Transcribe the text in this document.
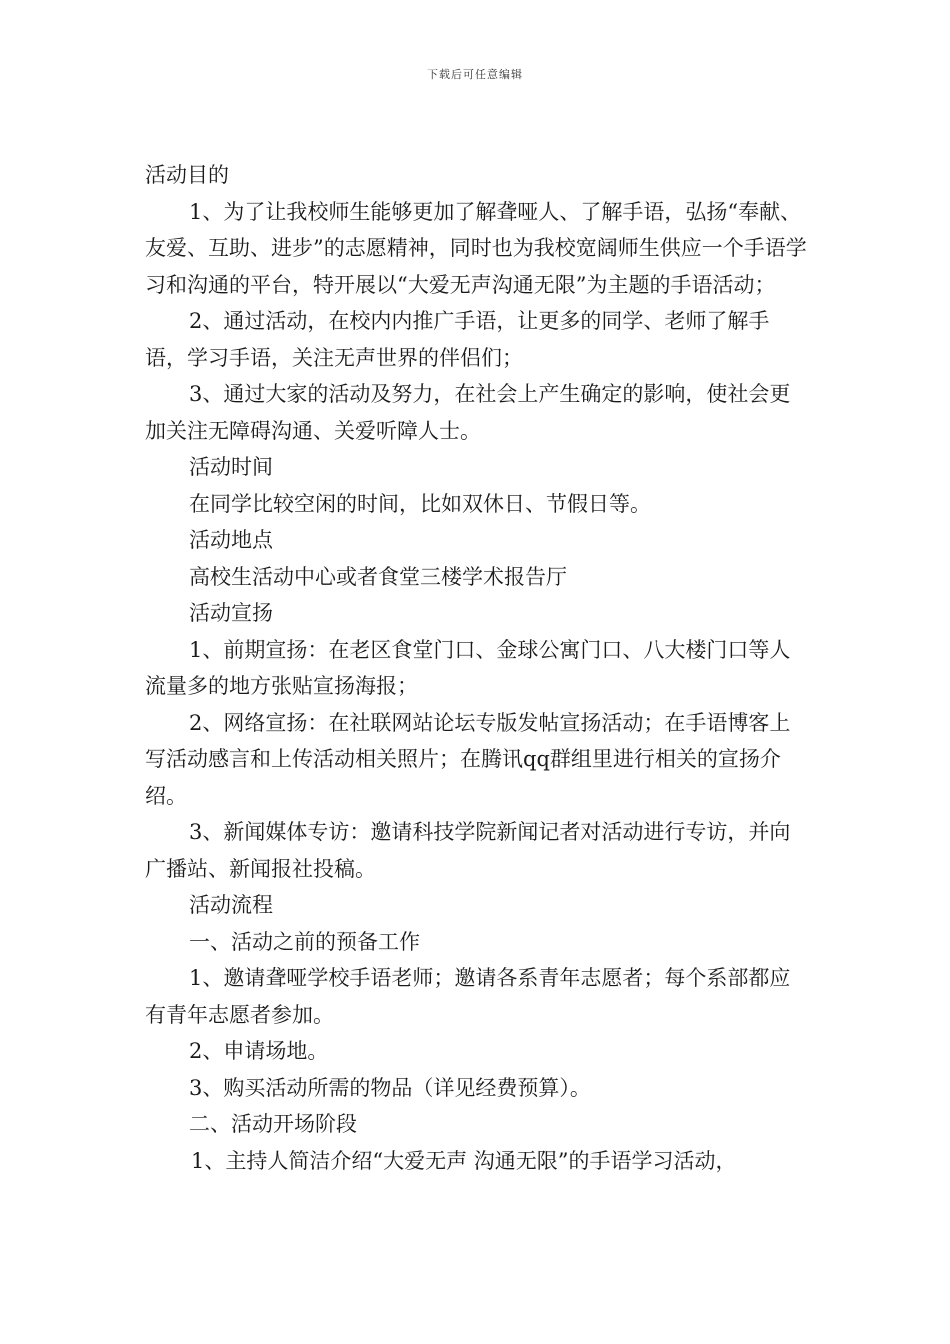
下载后可任意编辑

活动目的

1、为了让我校师生能够更加了解聋哑人、了解手语，弘扬“奉献、友爱、互助、进步”的志愿精神，同时也为我校宽阔师生供应一个手语学习和沟通的平台，特开展以“大爱无声沟通无限”为主题的手语活动；

2、通过活动，在校内内推广手语，让更多的同学、老师了解手语，学习手语，关注无声世界的伴侣们；

3、通过大家的活动及努力，在社会上产生确定的影响，使社会更加关注无障碍沟通、关爱听障人士。

活动时间

在同学比较空闲的时间，比如双休日、节假日等。

活动地点

高校生活动中心或者食堂三楼学术报告厅

活动宣扬

1、前期宣扬：在老区食堂门口、金球公寓门口、八大楼门口等人流量多的地方张贴宣扬海报；

2、网络宣扬：在社联网站论坛专版发帖宣扬活动；在手语博客上写活动感言和上传活动相关照片；在腾讯qq群组里进行相关的宣扬介绍。

3、新闻媒体专访：邀请科技学院新闻记者对活动进行专访，并向广播站、新闻报社投稿。

活动流程

一、活动之前的预备工作

1、邀请聋哑学校手语老师；邀请各系青年志愿者；每个系部都应有青年志愿者参加。

2、申请场地。

3、购买活动所需的物品（详见经费预算）。

二、活动开场阶段

1、主持人简洁介绍“大爱无声 沟通无限”的手语学习活动，
